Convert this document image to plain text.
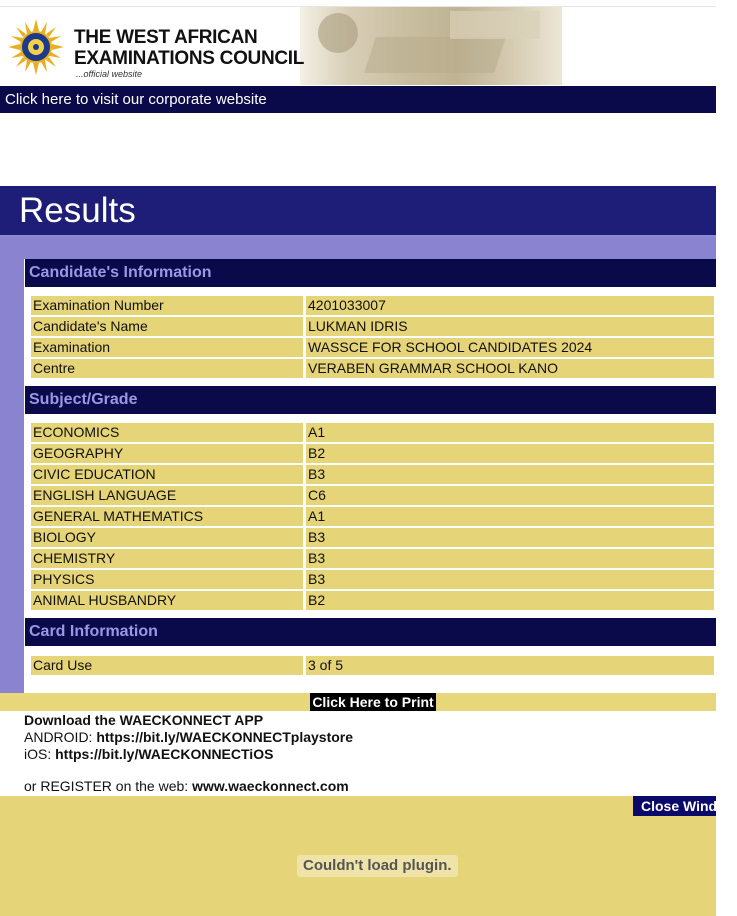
THE WEST AFRICAN
EXAMINATIONS COUNCIL
...official website
Click here to visit our corporate website
Results
Candidate's Information
Examination Number	4201033007
Candidate's Name	LUKMAN IDRIS
Examination	WASSCE FOR SCHOOL CANDIDATES 2024
Centre	VERABEN GRAMMAR SCHOOL KANO
Subject/Grade
ECONOMICS	A1
GEOGRAPHY	B2
CIVIC EDUCATION	B3
ENGLISH LANGUAGE	C6
GENERAL MATHEMATICS	A1
BIOLOGY	B3
CHEMISTRY	B3
PHYSICS	B3
ANIMAL HUSBANDRY	B2
Card Information
Card Use	3 of 5
Click Here to Print
Download the WAECKONNECT APP
ANDROID: https://bit.ly/WAECKONNECTplaystore
iOS: https://bit.ly/WAECKONNECTiOS
or REGISTER on the web: www.waeckonnect.com
Close Window
Couldn't load plugin.
